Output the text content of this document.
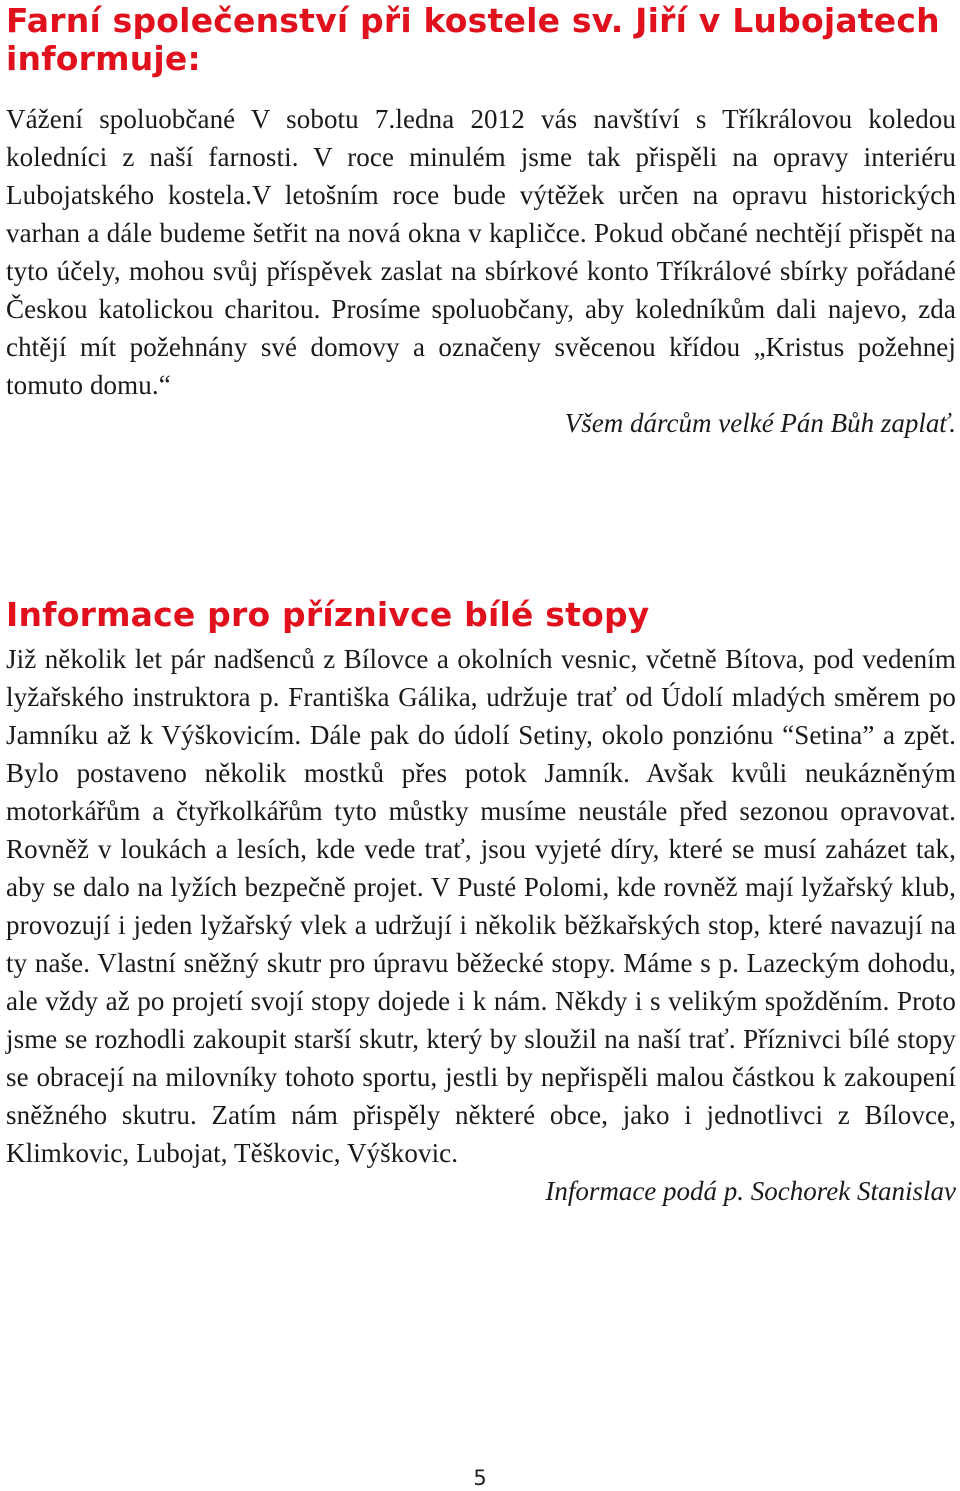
Farní společenství při kostele sv. Jiří v Lubojatech informuje:

Vážení spoluobčané V sobotu 7.ledna 2012 vás navštíví s Tříkrálovou koledou koledníci z naší farnosti. V roce minulém jsme tak přispěli na opravy interiéru Lubojatského kostela.V letošním roce bude výtěžek určen na opravu historických varhan a dále budeme šetřit na nová okna v kapličce. Pokud občané nechtějí přispět na tyto účely, mohou svůj příspěvek zaslat na sbírkové konto Tříkrálové sbírky pořádané Českou katolickou charitou. Prosíme spoluobčany, aby koledníkům dali najevo, zda chtějí mít požehnány své domovy a označeny svěcenou křídou „Kristus požehnej tomuto domu.“

Všem dárcům velké Pán Bůh zaplať.

Informace pro příznivce bílé stopy

Již několik let pár nadšenců z Bílovce a okolních vesnic, včetně Bítova, pod vedením lyžařského instruktora p. Františka Gálika, udržuje trať od Údolí mladých směrem po Jamníku až k Výškovicím. Dále pak do údolí Setiny, okolo ponziónu “Setina” a zpět. Bylo postaveno několik mostků přes potok Jamník. Avšak kvůli neukázněným motorkářům a čtyřkolkářům tyto můstky musíme neustále před sezonou opravovat. Rovněž v loukách a lesích, kde vede trať, jsou vyjeté díry, které se musí zaházet tak, aby se dalo na lyžích bezpečně projet. V Pusté Polomi, kde rovněž mají lyžařský klub, provozují i jeden lyžařský vlek a udržují i několik běžkařských stop, které navazují na ty naše. Vlastní sněžný skutr pro úpravu běžecké stopy. Máme s p. Lazeckým dohodu, ale vždy až po projetí svojí stopy dojede i k nám. Někdy i s velikým spožděním. Proto jsme se rozhodli zakoupit starší skutr, který by sloužil na naší trať. Příznivci bílé stopy se obracejí na milovníky tohoto sportu, jestli by nepřispěli malou částkou k zakoupení sněžného skutru. Zatím nám přispěly některé obce, jako i jednotlivci z Bílovce, Klimkovic, Lubojat, Těškovic, Výškovic.

Informace podá p. Sochorek Stanislav

5
